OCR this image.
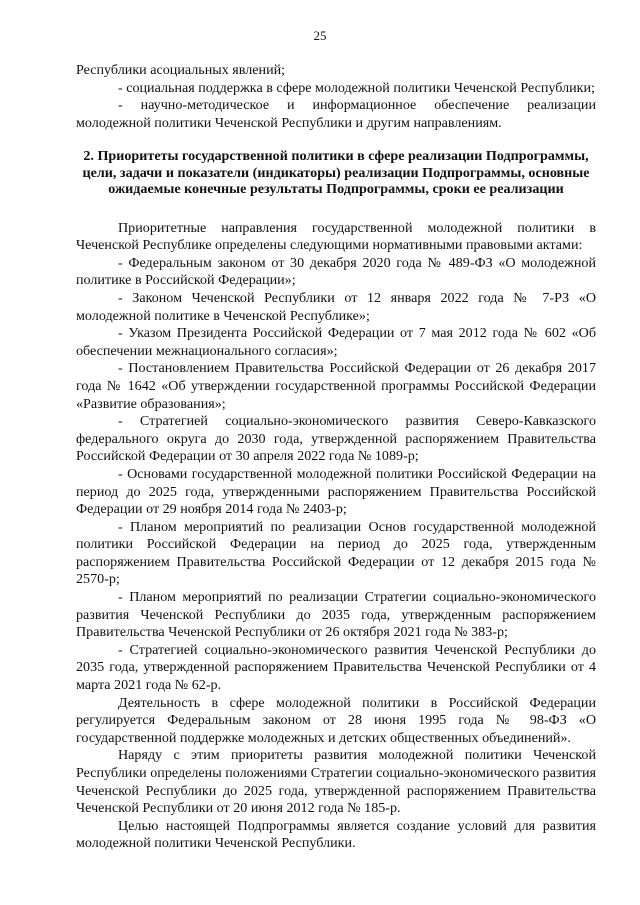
25

Республики асоциальных явлений;

- социальная поддержка в сфере молодежной политики Чеченской Республики;

- научно-методическое и информационное обеспечение реализации молодежной политики Чеченской Республики и другим направлениям.

2. Приоритеты государственной политики в сфере реализации Подпрограммы, цели, задачи и показатели (индикаторы) реализации Подпрограммы, основные ожидаемые конечные результаты Подпрограммы, сроки ее реализации

Приоритетные направления государственной молодежной политики в Чеченской Республике определены следующими нормативными правовыми актами:

- Федеральным законом от 30 декабря 2020 года № 489-ФЗ «О молодежной политике в Российской Федерации»;

- Законом Чеченской Республики от 12 января 2022 года № 7-РЗ «О молодежной политике в Чеченской Республике»;

- Указом Президента Российской Федерации от 7 мая 2012 года № 602 «Об обеспечении межнационального согласия»;

- Постановлением Правительства Российской Федерации от 26 декабря 2017 года № 1642 «Об утверждении государственной программы Российской Федерации «Развитие образования»;

- Стратегией социально-экономического развития Северо-Кавказского федерального округа до 2030 года, утвержденной распоряжением Правительства Российской Федерации от 30 апреля 2022 года № 1089-р;

- Основами государственной молодежной политики Российской Федерации на период до 2025 года, утвержденными распоряжением Правительства Российской Федерации от 29 ноября 2014 года № 2403-р;

- Планом мероприятий по реализации Основ государственной молодежной политики Российской Федерации на период до 2025 года, утвержденным распоряжением Правительства Российской Федерации от 12 декабря 2015 года № 2570-р;

- Планом мероприятий по реализации Стратегии социально-экономического развития Чеченской Республики до 2035 года, утвержденным распоряжением Правительства Чеченской Республики от 26 октября 2021 года № 383-р;

- Стратегией социально-экономического развития Чеченской Республики до 2035 года, утвержденной распоряжением Правительства Чеченской Республики от 4 марта 2021 года № 62-р.

Деятельность в сфере молодежной политики в Российской Федерации регулируется Федеральным законом от 28 июня 1995 года № 98-ФЗ «О государственной поддержке молодежных и детских общественных объединений».

Наряду с этим приоритеты развития молодежной политики Чеченской Республики определены положениями Стратегии социально-экономического развития Чеченской Республики до 2025 года, утвержденной распоряжением Правительства Чеченской Республики от 20 июня 2012 года № 185-р.

Целью настоящей Подпрограммы является создание условий для развития молодежной политики Чеченской Республики.
